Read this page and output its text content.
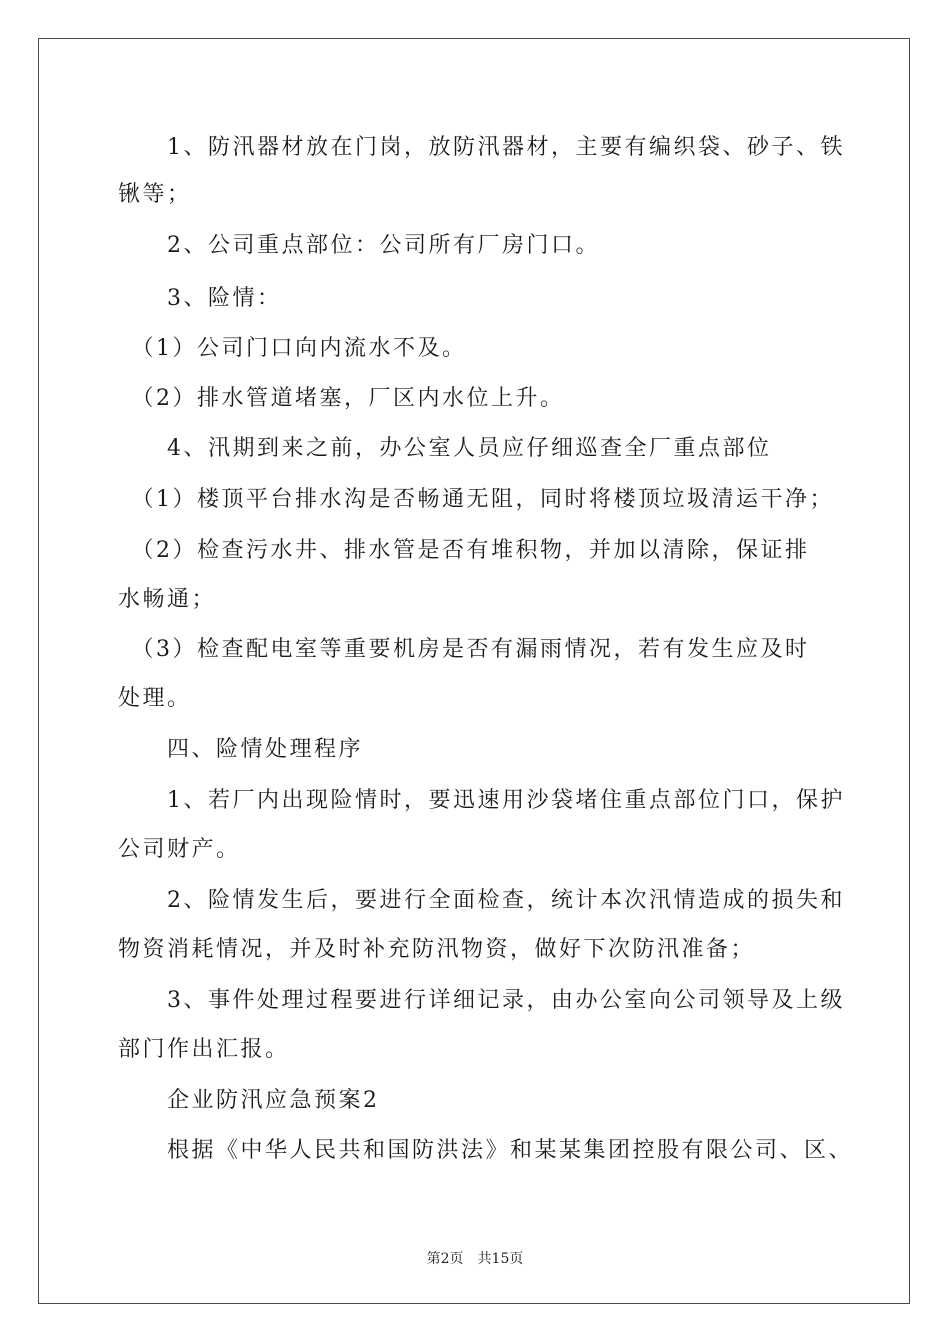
　　1、防汛器材放在门岗，放防汛器材，主要有编织袋、砂子、铁
锹等；
　　2、公司重点部位：公司所有厂房门口。
　　3、险情：
　（1）公司门口向内流水不及。
　（2）排水管道堵塞，厂区内水位上升。
　　4、汛期到来之前，办公室人员应仔细巡查全厂重点部位
　（1）楼顶平台排水沟是否畅通无阻，同时将楼顶垃圾清运干净；
　（2）检查污水井、排水管是否有堆积物，并加以清除，保证排
水畅通；
　（3）检查配电室等重要机房是否有漏雨情况，若有发生应及时
处理。
　　四、险情处理程序
　　1、若厂内出现险情时，要迅速用沙袋堵住重点部位门口，保护
公司财产。
　　2、险情发生后，要进行全面检查，统计本次汛情造成的损失和
物资消耗情况，并及时补充防汛物资，做好下次防汛准备；
　　3、事件处理过程要进行详细记录，由办公室向公司领导及上级
部门作出汇报。
　　企业防汛应急预案2
　　根据《中华人民共和国防洪法》和某某集团控股有限公司、区、
第2页　共15页
